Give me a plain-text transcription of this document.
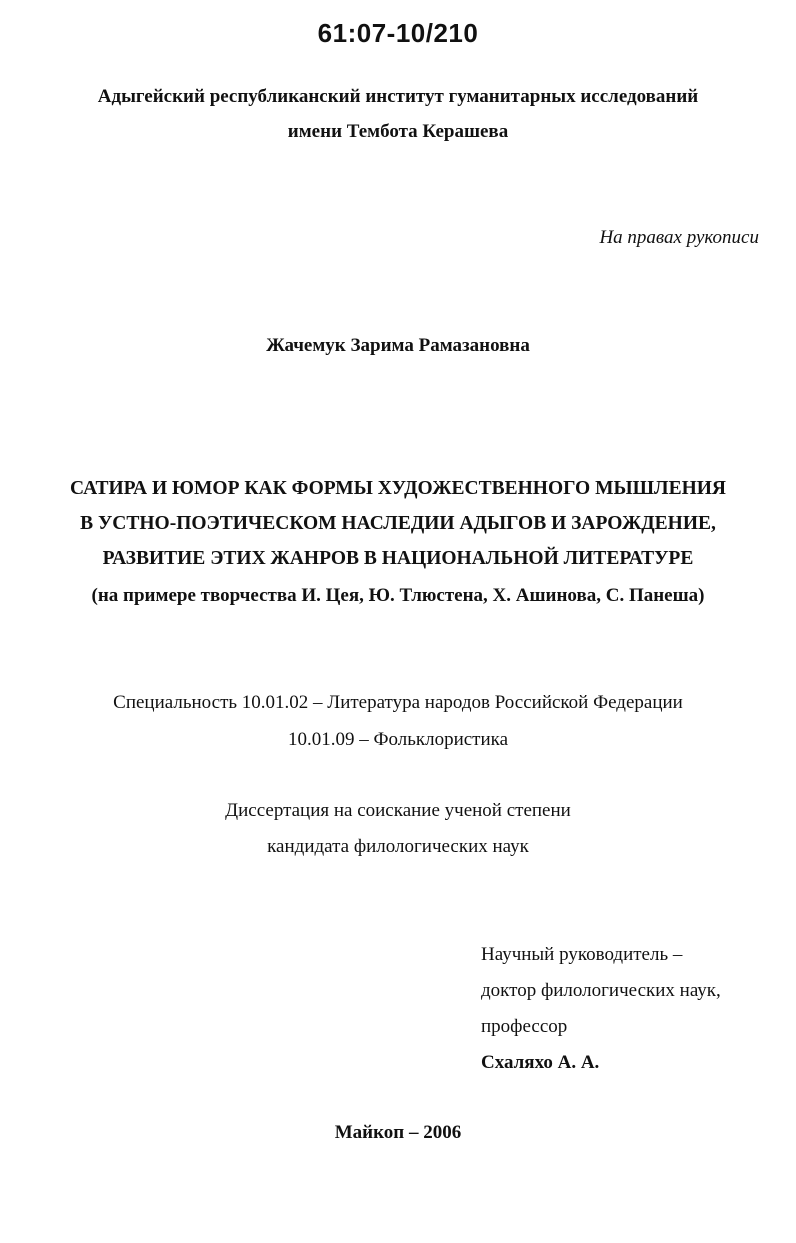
61:07-10/210
Адыгейский республиканский институт гуманитарных исследований
имени Тембота Керашева
На правах рукописи
Жачемук Зарима Рамазановна
САТИРА И ЮМОР КАК ФОРМЫ ХУДОЖЕСТВЕННОГО МЫШЛЕНИЯ
В УСТНО-ПОЭТИЧЕСКОМ НАСЛЕДИИ АДЫГОВ И ЗАРОЖДЕНИЕ,
РАЗВИТИЕ ЭТИХ ЖАНРОВ В НАЦИОНАЛЬНОЙ ЛИТЕРАТУРЕ
(на примере творчества И. Цея, Ю. Тлюстена, Х. Ашинова, С. Панеша)
Специальность 10.01.02 – Литература народов Российской Федерации
10.01.09 – Фольклористика
Диссертация на соискание ученой степени
кандидата филологических наук
Научный руководитель –
доктор филологических наук,
профессор
Схаляхо А. А.
Майкоп – 2006
